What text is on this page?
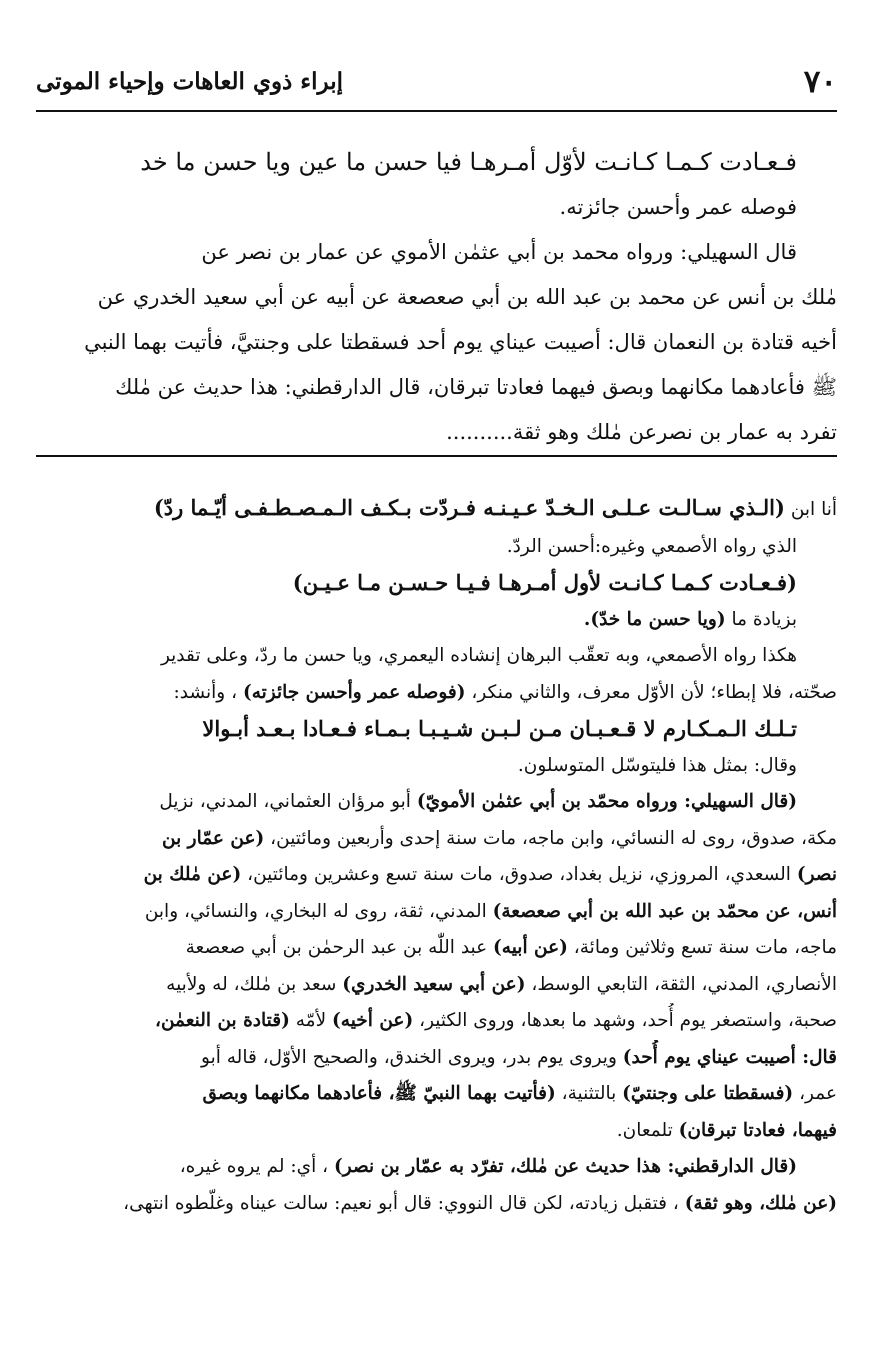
٧٠
إبراء ذوي العاهات وإحياء الموتى
فـعـادت كـمـا كـانـت لأوّل أمـرهـا فيا حسن ما عين ويا حسن ما خد
فوصله عمر وأحسن جائزته.
قال السهيلي: ورواه محمد بن أبي عثمٰن الأموي عن عمار بن نصر عن
مٰلك بن أنس عن محمد بن عبد الله بن أبي صعصعة عن أبيه عن أبي سعيد الخدري عن
أخيه قتادة بن النعمان قال: أصيبت عيناي يوم أحد فسقطتا على وجنتيَّ، فأتيت بهما النبي
ﷺ فأعادهما مكانهما وبصق فيهما فعادتا تبرقان، قال الدارقطني: هذا حديث عن مٰلك
تفرد به عمار بن نصرعن مٰلك وهو ثقة..........
أنا ابن (الـذي سـالـت عـلـى الـخـدّ عـيـنـه فـردّت بـكـف الـمـصـطـفـى أيّـما ردّ)
الذي رواه الأصمعي وغيره:أحسن الردّ.
(فـعـادت كـمـا كـانـت لأول أمـرهـا فـيـا حـسـن مـا عـيـن)
بزيادة ما (ويا حسن ما خدّ).
هكذا رواه الأصمعي، وبه تعقّب البرهان إنشاده اليعمري، ويا حسن ما ردّ، وعلى تقدير
صحّته، فلا إبطاء؛ لأن الأوّل معرف، والثاني منكر، (فوصله عمر وأحسن جائزته) ، وأنشد:
تـلـك الـمـكـارم لا قـعـبـان مـن لـبـن شـيـبـا بـمـاء فـعـادا بـعـد أبـوالا
وقال: بمثل هذا فليتوسّل المتوسلون.
(قال السهيلي: ورواه محمّد بن أبي عثمٰن الأمويّ) أبو مرؤان العثماني، المدني، نزيل
مكة، صدوق، روى له النسائي، وابن ماجه، مات سنة إحدى وأربعين ومائتين، (عن عمّار بن
نصر) السعدي، المروزي، نزيل بغداد، صدوق، مات سنة تسع وعشرين ومائتين، (عن مٰلك بن
أنس، عن محمّد بن عبد الله بن أبي صعصعة) المدني، ثقة، روى له البخاري، والنسائي، وابن
ماجه، مات سنة تسع وثلاثين ومائة، (عن أبيه) عبد اللّٰه بن عبد الرحمٰن بن أبي صعصعة
الأنصاري، المدني، الثقة، التابعي الوسط، (عن أبي سعيد الخدري) سعد بن مٰلك، له ولأبيه
صحبة، واستصغر يوم أُحد، وشهد ما بعدها، وروى الكثير، (عن أخيه) لأمّه (قتادة بن النعمٰن،
قال: أصيبت عيناي يوم أُحد) ويروى يوم بدر، ويروى الخندق، والصحيح الأوّل، قاله أبو
عمر، (فسقطتا على وجنتيّ) بالتثنية، (فأتيت بهما النبيّ ﷺ، فأعادهما مكانهما وبصق
فيهما، فعادتا تبرقان) تلمعان.
(قال الدارقطني: هذا حديث عن مٰلك، تفرّد به عمّار بن نصر) ، أي: لم يروه غيره،
(عن مٰلك، وهو ثقة) ، فتقبل زيادته، لكن قال النووي: قال أبو نعيم: سالت عيناه وغلّطوه انتهى،
